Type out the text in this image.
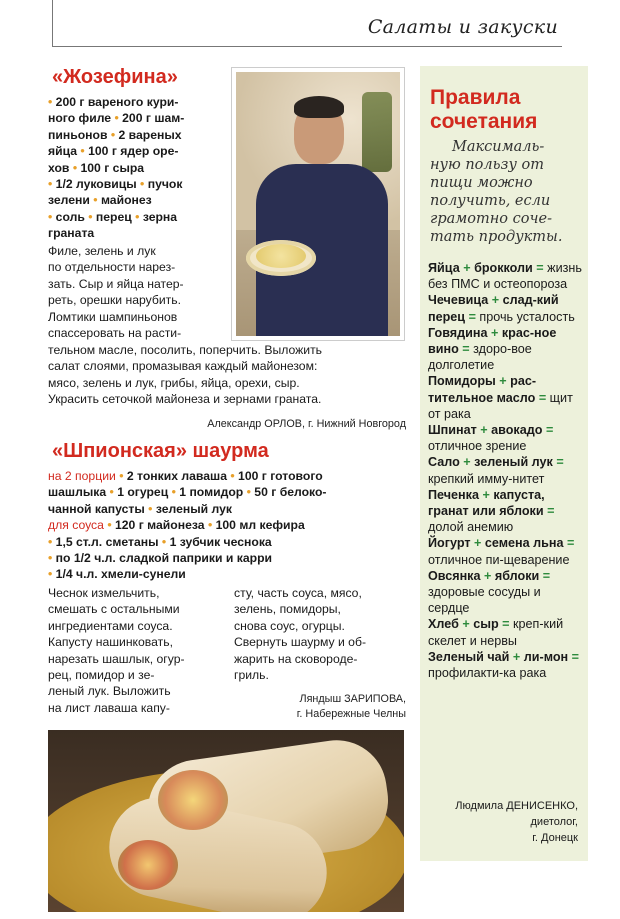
Салаты и закуски
«Жозефина»
• 200 г вареного кури-
ного филе • 200 г шам-
пиньонов • 2 вареных
яйца • 100 г ядер оре-
хов • 100 г сыра
• 1/2 луковицы • пучок
зелени • майонез
• соль • перец • зерна
граната
Филе, зелень и лук
по отдельности нарез-
зать. Сыр и яйца натер-
реть, орешки нарубить.
Ломтики шампиньонов
спассеровать на расти-
тельном масле, посолить, поперчить. Выложить
салат слоями, промазывая каждый майонезом:
мясо, зелень и лук, грибы, яйца, орехи, сыр.
Украсить сеточкой майонеза и зернами граната.
Александр ОРЛОВ, г. Нижний Новгород
«Шпионская» шаурма
на 2 порции • 2 тонких лаваша • 100 г готового
шашлыка • 1 огурец • 1 помидор • 50 г белоко-
чанной капусты • зеленый лук
для соуса • 120 г майонеза • 100 мл кефира
• 1,5 ст.л. сметаны • 1 зубчик чеснока
• по 1/2 ч.л. сладкой паприки и карри
• 1/4 ч.л. хмели-сунели
Чеснок измельчить,
смешать с остальными
ингредиентами соуса.
Капусту нашинковать,
нарезать шашлык, огур-
рец, помидор и зе-
леный лук. Выложить
на лист лаваша капу-
сту, часть соуса, мясо,
зелень, помидоры,
снова соус, огурцы.
Свернуть шаурму и об-
жарить на сковороде-
гриль.
Ляндыш ЗАРИПОВА,
г. Набережные Челны
Правила
сочетания
Максималь-
ную пользу от
пищи можно
получить, если
грамотно соче-
тать продукты.
Яйца + брокколи = жизнь без ПМС и остеопороза
Чечевица + слад-кий перец = прочь усталость
Говядина + крас-ное вино = здоро-вое долголетие
Помидоры + рас-тительное масло = щит от рака
Шпинат + авокадо = отличное зрение
Сало + зеленый лук = крепкий имму-нитет
Печенка + капуста, гранат или яблоки = долой анемию
Йогурт + семена льна = отличное пи-щеварение
Овсянка + яблоки = здоровые сосуды и сердце
Хлеб + сыр = креп-кий скелет и нервы
Зеленый чай + ли-мон = профилакти-ка рака
Людмила ДЕНИСЕНКО,
диетолог,
г. Донецк
